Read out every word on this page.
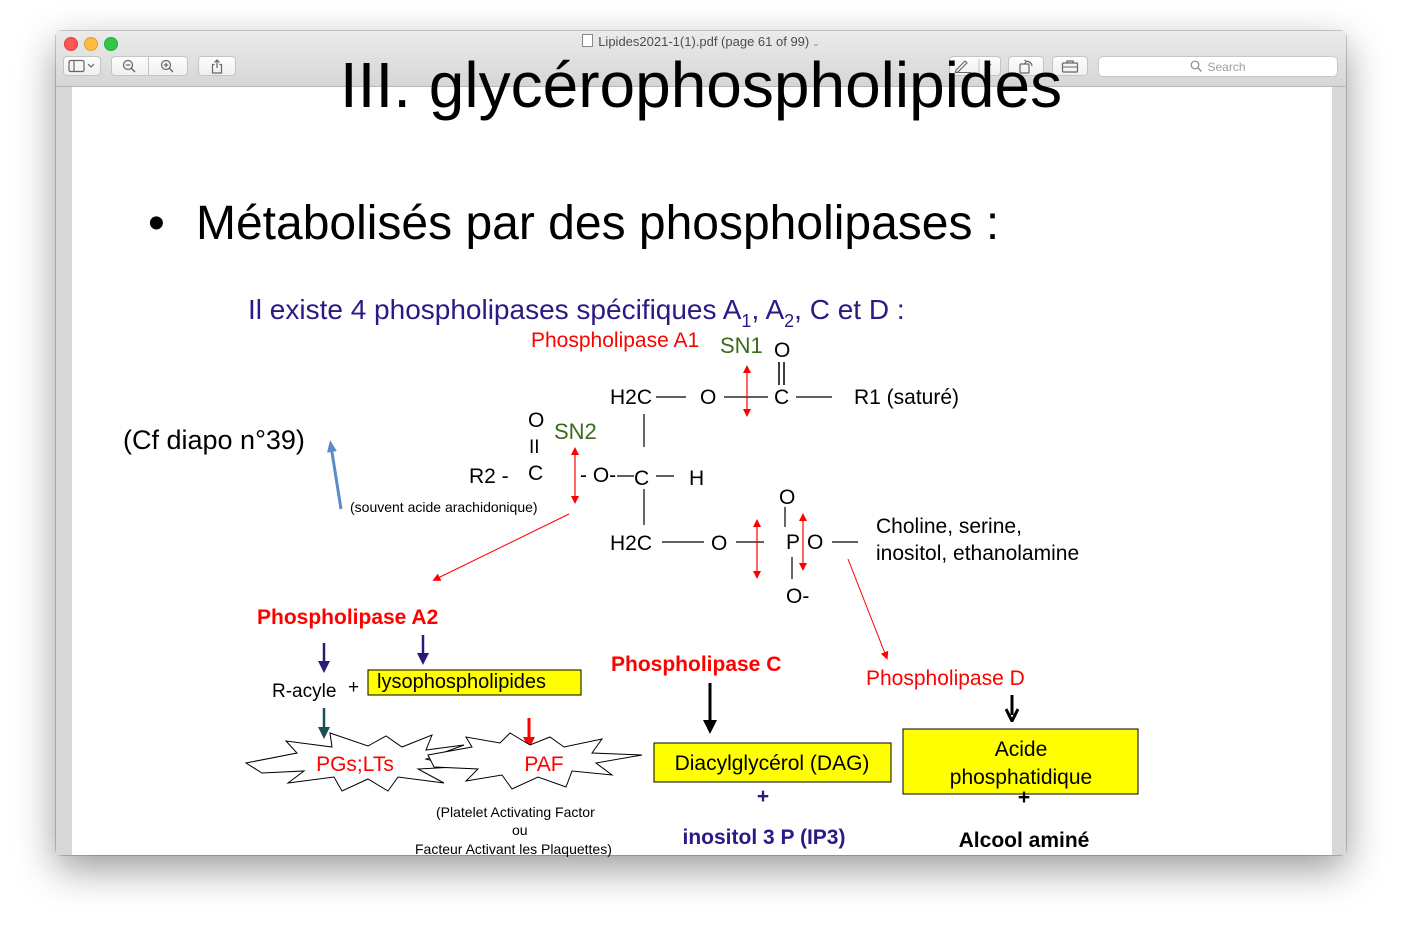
Lipides2021-1(1).pdf (page 61 of 99) ⌄
Search
III. glycérophospholipides
• Métabolisés par des phospholipases :
Il existe 4 phospholipases spécifiques $A_1$, $A_2$, C et D :
Phospholipase A1 SN1 O
H2C O	C	R1 (saturé)
O
II
SN2
R2 - C - O- C H
(souvent acide arachidonique)
(Cf diapo n°39)
H2C	O
O
P O
O-
Choline, serine,
inositol, ethanolamine
Phospholipase A2
R-acyle + lysophospholipides
PGs;LTs	PAF
(Platelet Activating Factor
ou
Facteur Activant les Plaquettes)
Phospholipase C
Diacylglycérol (DAG)
+
inositol 3 P (IP3)
Phospholipase D
Acide
phosphatidique
+
Alcool aminé
